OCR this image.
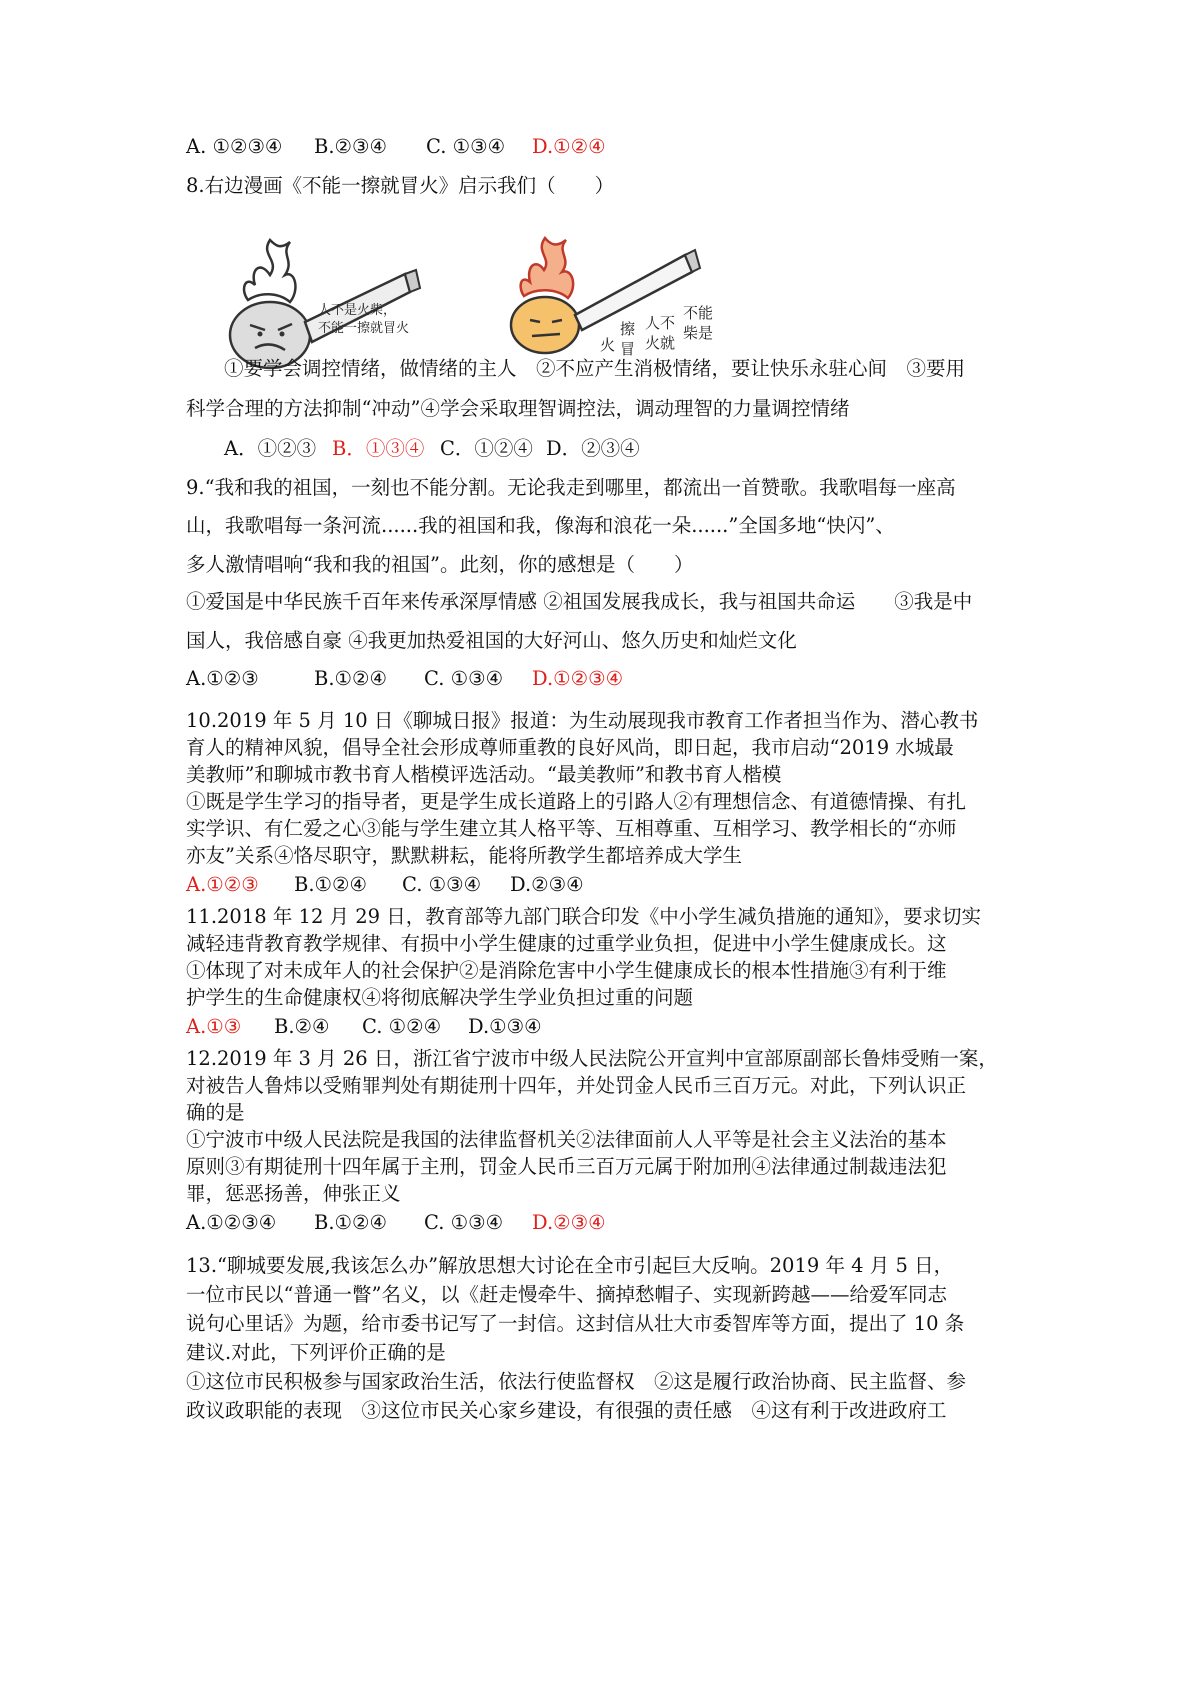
A. ①②③④ B.②③④ C. ①③④ D.①②④
8.右边漫画《不能一擦就冒火》启示我们（　　）
人不是火柴，
不能一擦就冒火
火
擦
冒
人不
火就
不能
柴是
①要学会调控情绪，做情绪的主人　②不应产生消极情绪，要让快乐永驻心间　③要用
科学合理的方法抑制“冲动”④学会采取理智调控法，调动理智的力量调控情绪
A．①②③ B．①③④ C．①②④ D．②③④
9.“我和我的祖国，一刻也不能分割。无论我走到哪里，都流出一首赞歌。我歌唱每一座高
山，我歌唱每一条河流......我的祖国和我，像海和浪花一朵......”全国多地“快闪”、
多人激情唱响“我和我的祖国”。此刻，你的感想是（　　）
①爱国是中华民族千百年来传承深厚情感 ②祖国发展我成长，我与祖国共命运　　③我是中
国人，我倍感自豪 ④我更加热爱祖国的大好河山、悠久历史和灿烂文化
A.①②③	B.①②④ C. ①③④ D.①②③④
10.2019 年 5 月 10 日《聊城日报》报道：为生动展现我市教育工作者担当作为、潜心教书
育人的精神风貌，倡导全社会形成尊师重教的良好风尚，即日起，我市启动“2019 水城最
美教师”和聊城市教书育人楷模评选活动。“最美教师”和教书育人楷模
①既是学生学习的指导者，更是学生成长道路上的引路人②有理想信念、有道德情操、有扎
实学识、有仁爱之心③能与学生建立其人格平等、互相尊重、互相学习、教学相长的“亦师
亦友”关系④恪尽职守，默默耕耘，能将所教学生都培养成大学生
A.①②③ B.①②④ C. ①③④ D.②③④
11.2018 年 12 月 29 日，教育部等九部门联合印发《中小学生减负措施的通知》，要求切实
减轻违背教育教学规律、有损中小学生健康的过重学业负担，促进中小学生健康成长。这
①体现了对未成年人的社会保护②是消除危害中小学生健康成长的根本性措施③有利于维
护学生的生命健康权④将彻底解决学生学业负担过重的问题
A.①③ B.②④ C. ①②④ D.①③④
12.2019 年 3 月 26 日，浙江省宁波市中级人民法院公开宣判中宣部原副部长鲁炜受贿一案，
对被告人鲁炜以受贿罪判处有期徒刑十四年，并处罚金人民币三百万元。对此，下列认识正
确的是
①宁波市中级人民法院是我国的法律监督机关②法律面前人人平等是社会主义法治的基本
原则③有期徒刑十四年属于主刑，罚金人民币三百万元属于附加刑④法律通过制裁违法犯
罪，惩恶扬善，伸张正义
A.①②③④ B.①②④ C. ①③④ D.②③④
13.“聊城要发展,我该怎么办”解放思想大讨论在全市引起巨大反响。2019 年 4 月 5 日，
一位市民以“普通一瞥”名义，以《赶走慢牵牛、摘掉愁帽子、实现新跨越——给爱军同志
说句心里话》为题，给市委书记写了一封信。这封信从壮大市委智库等方面，提出了 10 条
建议.对此，下列评价正确的是
①这位市民积极参与国家政治生活，依法行使监督权　②这是履行政治协商、民主监督、参
政议政职能的表现　③这位市民关心家乡建设，有很强的责任感　④这有利于改进政府工
